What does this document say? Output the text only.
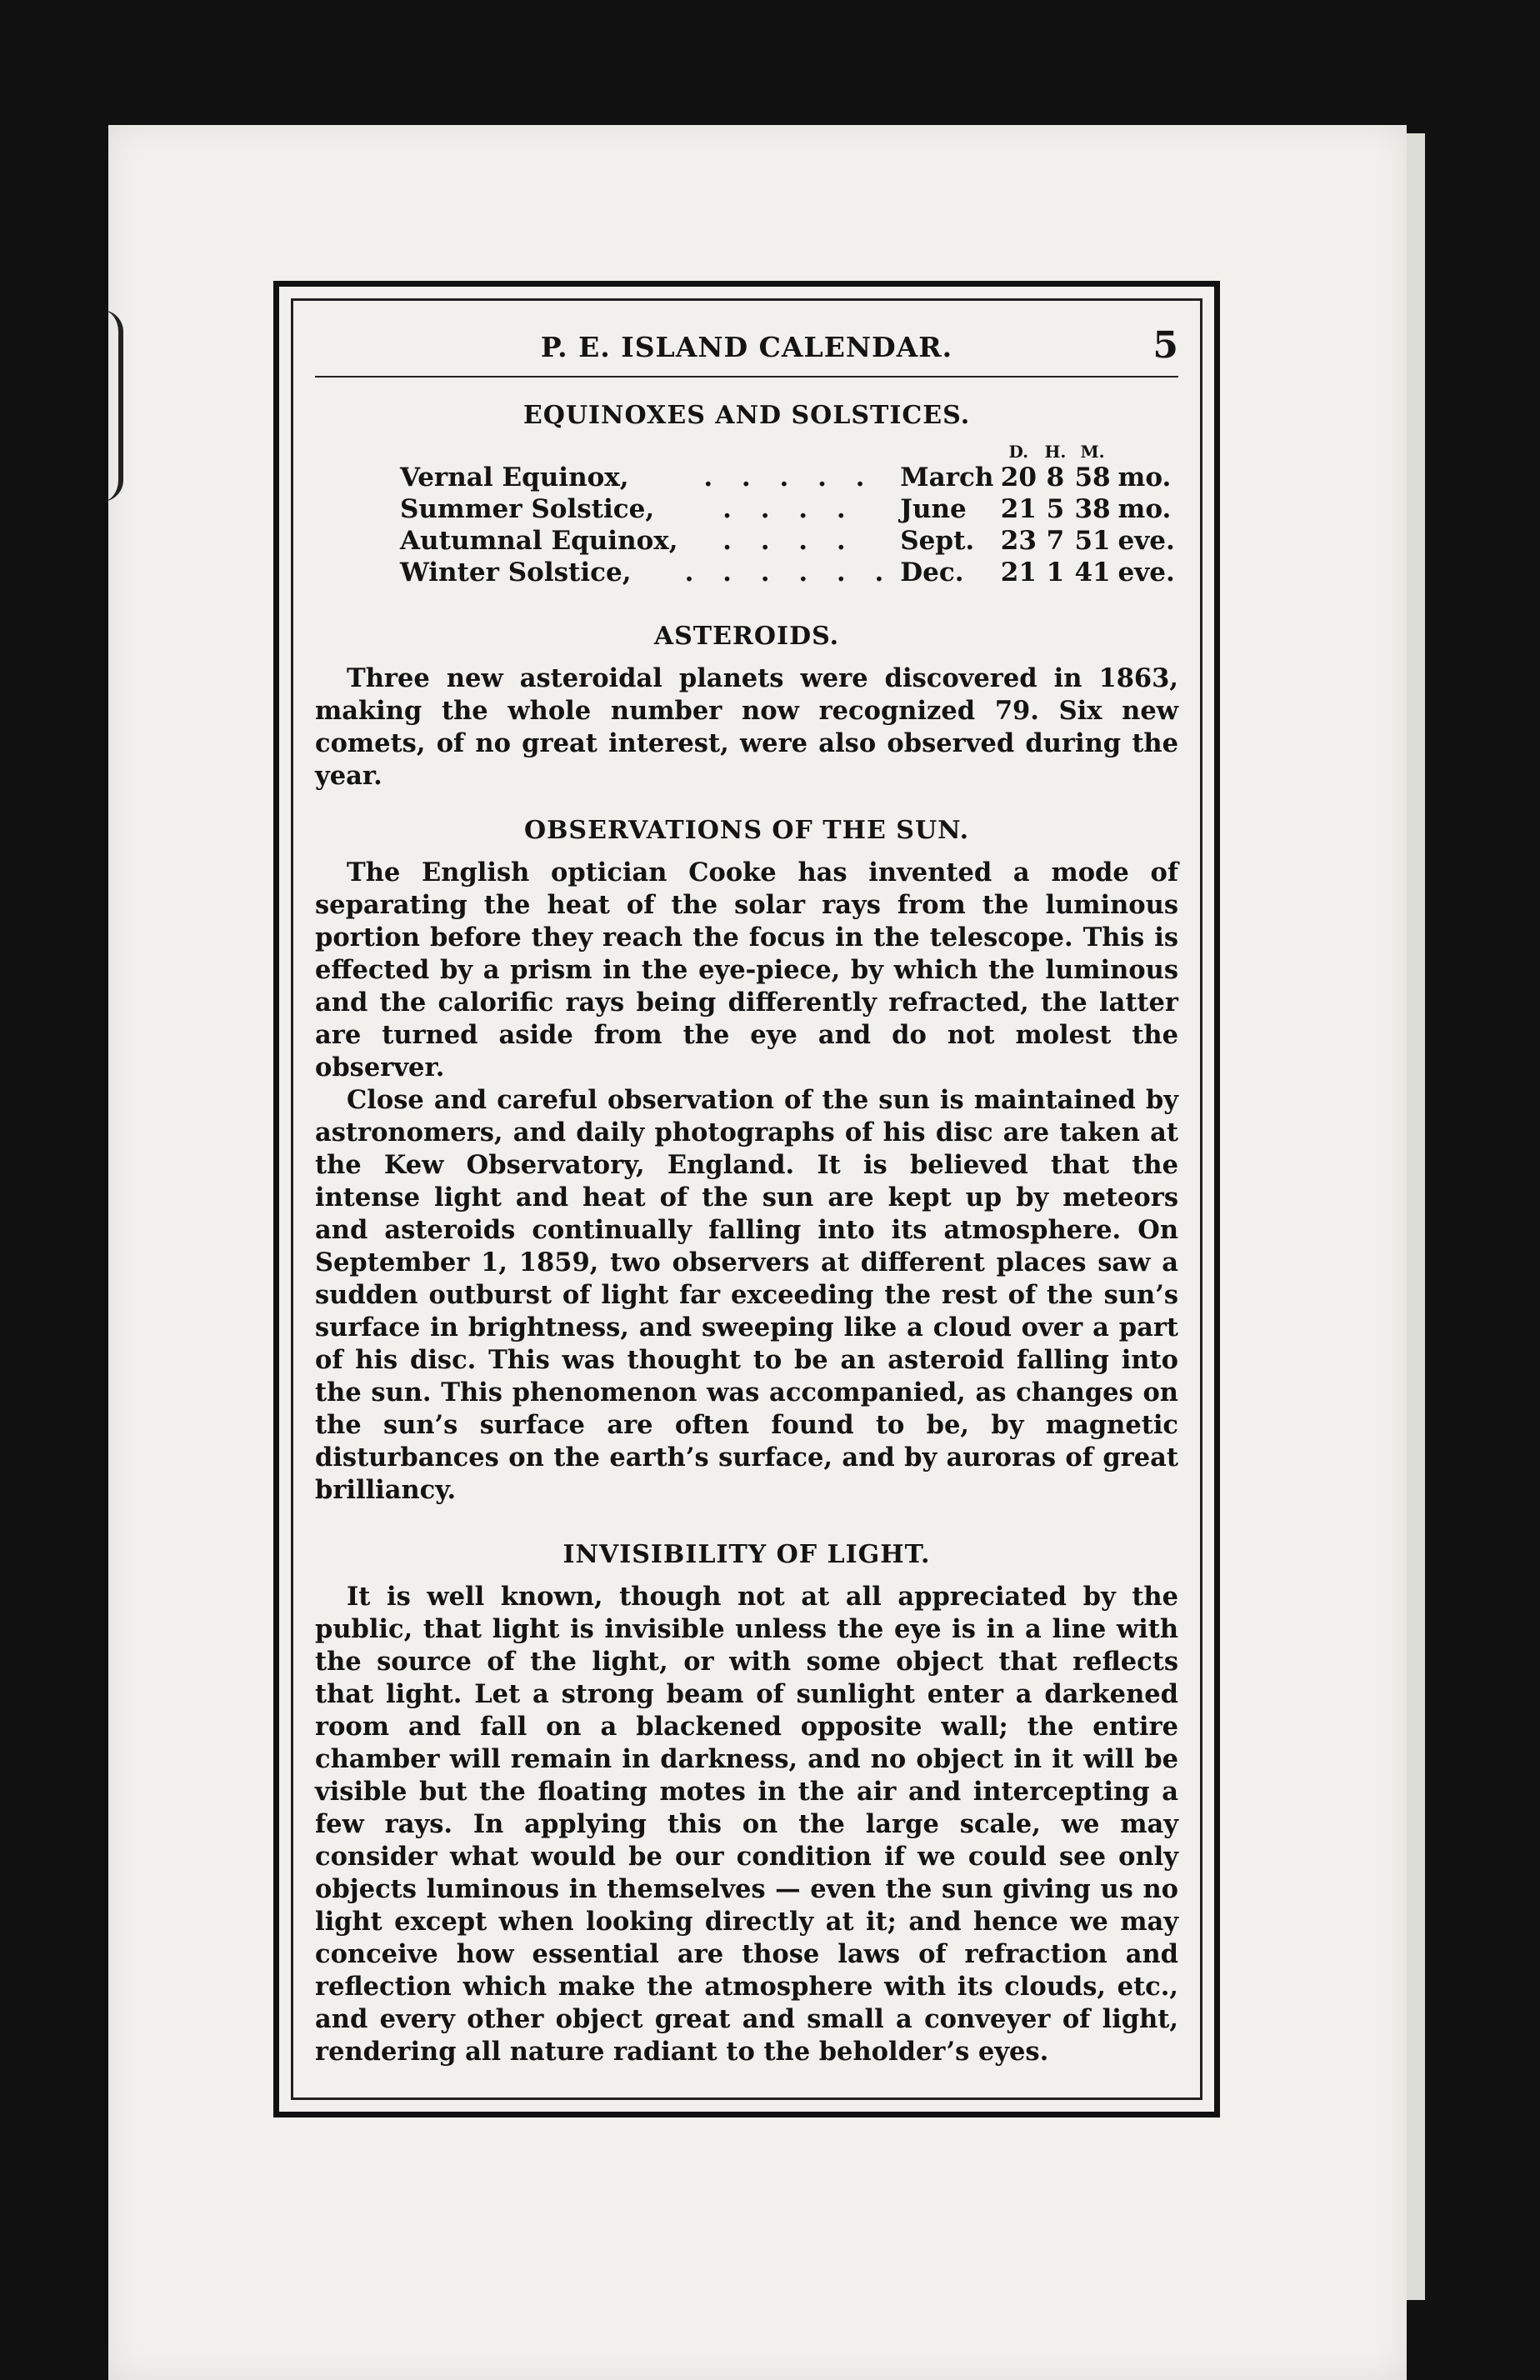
P. E. ISLAND CALENDAR.	5
EQUINOXES AND SOLSTICES.
			D.	H.	M.	
Vernal Equinox,	. . . . .	March	20	8	58	mo.
Summer Solstice,	. . . .	June	21	5	38	mo.
Autumnal Equinox,	. . . .	Sept.	23	7	51	eve.
Winter Solstice,	. . . . . .	Dec.	21	1	41	eve.
ASTEROIDS.

Three new asteroidal planets were discovered in 1863, making the whole number now recognized 79. Six new comets, of no great interest, were also observed during the year.

OBSERVATIONS OF THE SUN.

The English optician Cooke has invented a mode of separating the heat of the solar rays from the luminous portion before they reach the focus in the telescope. This is effected by a prism in the eye-piece, by which the luminous and the calorific rays being differently refracted, the latter are turned aside from the eye and do not molest the observer.

Close and careful observation of the sun is maintained by astronomers, and daily photographs of his disc are taken at the Kew Observatory, England. It is believed that the intense light and heat of the sun are kept up by meteors and asteroids continually falling into its atmosphere. On September 1, 1859, two observers at different places saw a sudden outburst of light far exceeding the rest of the sun’s surface in brightness, and sweeping like a cloud over a part of his disc. This was thought to be an asteroid falling into the sun. This phenomenon was accompanied, as changes on the sun’s surface are often found to be, by magnetic disturbances on the earth’s surface, and by auroras of great brilliancy.

INVISIBILITY OF LIGHT.

It is well known, though not at all appreciated by the public, that light is invisible unless the eye is in a line with the source of the light, or with some object that reflects that light. Let a strong beam of sunlight enter a darkened room and fall on a blackened opposite wall; the entire chamber will remain in darkness, and no object in it will be visible but the floating motes in the air and intercepting a few rays. In applying this on the large scale, we may consider what would be our condition if we could see only objects luminous in themselves — even the sun giving us no light except when looking directly at it; and hence we may conceive how essential are those laws of refraction and reflection which make the atmosphere with its clouds, etc., and every other object great and small a conveyer of light, rendering all nature radiant to the beholder’s eyes.
